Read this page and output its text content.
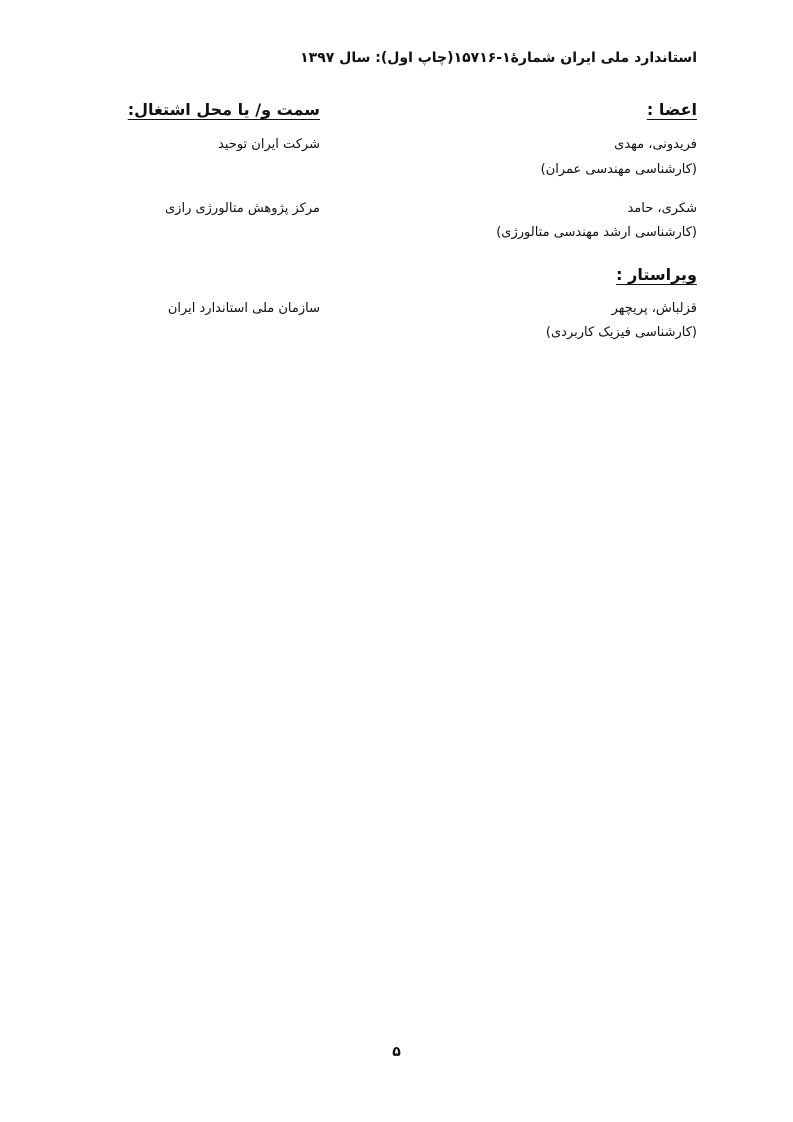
استاندارد ملی ایران شمارۀ۱-۱۵۷۱۶(چاپ اول): سال ۱۳۹۷
اعضا :
سمت و/ یا محل اشتغال:
فریدونی، مهدی
(کارشناسی مهندسی عمران)
شرکت ایران توحید
شکری، حامد
(کارشناسی ارشد مهندسی متالورژی)
مرکز پژوهش متالورژی رازی
ویراستار :
قزلباش، پریچهر
(کارشناسی فیزیک کاربردی)
سازمان ملی استاندارد ایران
۵
